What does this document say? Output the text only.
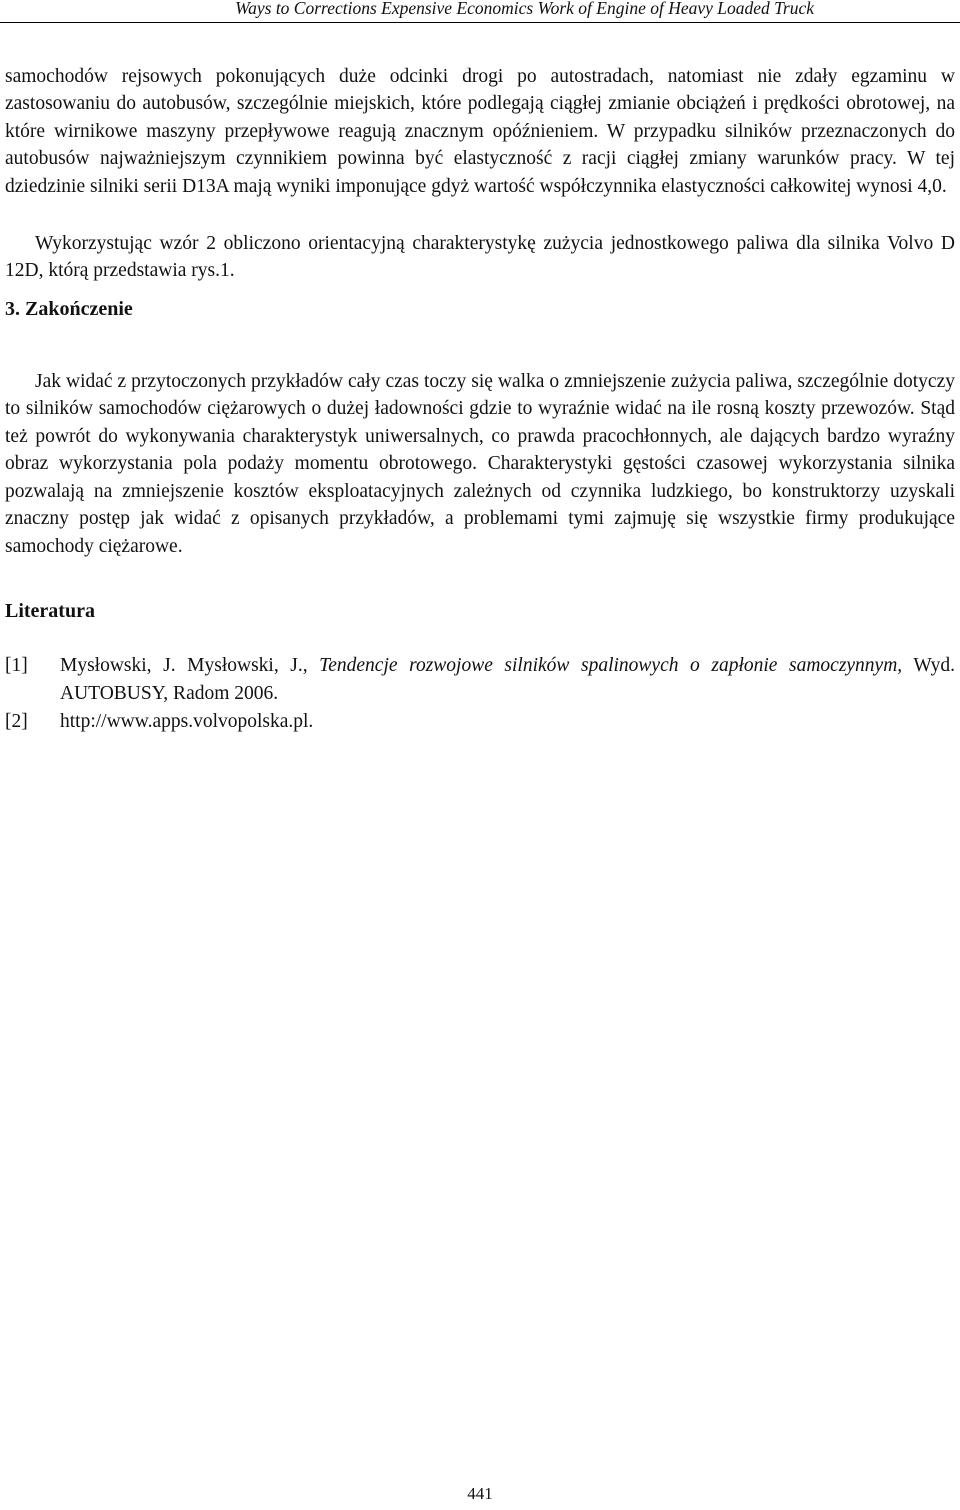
Ways to Corrections Expensive Economics Work of Engine of Heavy Loaded Truck

samochodów rejsowych pokonujących duże odcinki drogi po autostradach, natomiast nie zdały egzaminu w zastosowaniu do autobusów, szczególnie miejskich, które podlegają ciągłej zmianie obciążeń i prędkości obrotowej, na które wirnikowe maszyny przepływowe reagują znacznym opóźnieniem. W przypadku silników przeznaczonych do autobusów najważniejszym czynnikiem powinna być elastyczność z racji ciągłej zmiany warunków pracy. W tej dziedzinie silniki serii D13A mają wyniki imponujące gdyż wartość współczynnika elastyczności całkowitej wynosi 4,0.

Wykorzystując wzór 2 obliczono orientacyjną charakterystykę zużycia jednostkowego paliwa dla silnika Volvo D 12D, którą przedstawia rys.1.

3. Zakończenie

Jak widać z przytoczonych przykładów cały czas toczy się walka o zmniejszenie zużycia paliwa, szczególnie dotyczy to silników samochodów ciężarowych o dużej ładowności gdzie to wyraźnie widać na ile rosną koszty przewozów. Stąd też powrót do wykonywania charakterystyk uniwersalnych, co prawda pracochłonnych, ale dających bardzo wyraźny obraz wykorzystania pola podaży momentu obrotowego. Charakterystyki gęstości czasowej wykorzystania silnika pozwalają na zmniejszenie kosztów eksploatacyjnych zależnych od czynnika ludzkiego, bo konstruktorzy uzyskali znaczny postęp jak widać z opisanych przykładów, a problemami tymi zajmuję się wszystkie firmy produkujące samochody ciężarowe.

Literatura
[1]	Mysłowski, J. Mysłowski, J., Tendencje rozwojowe silników spalinowych o zapłonie samoczynnym, Wyd. AUTOBUSY, Radom 2006.
[2]	http://www.apps.volvopolska.pl.
441
